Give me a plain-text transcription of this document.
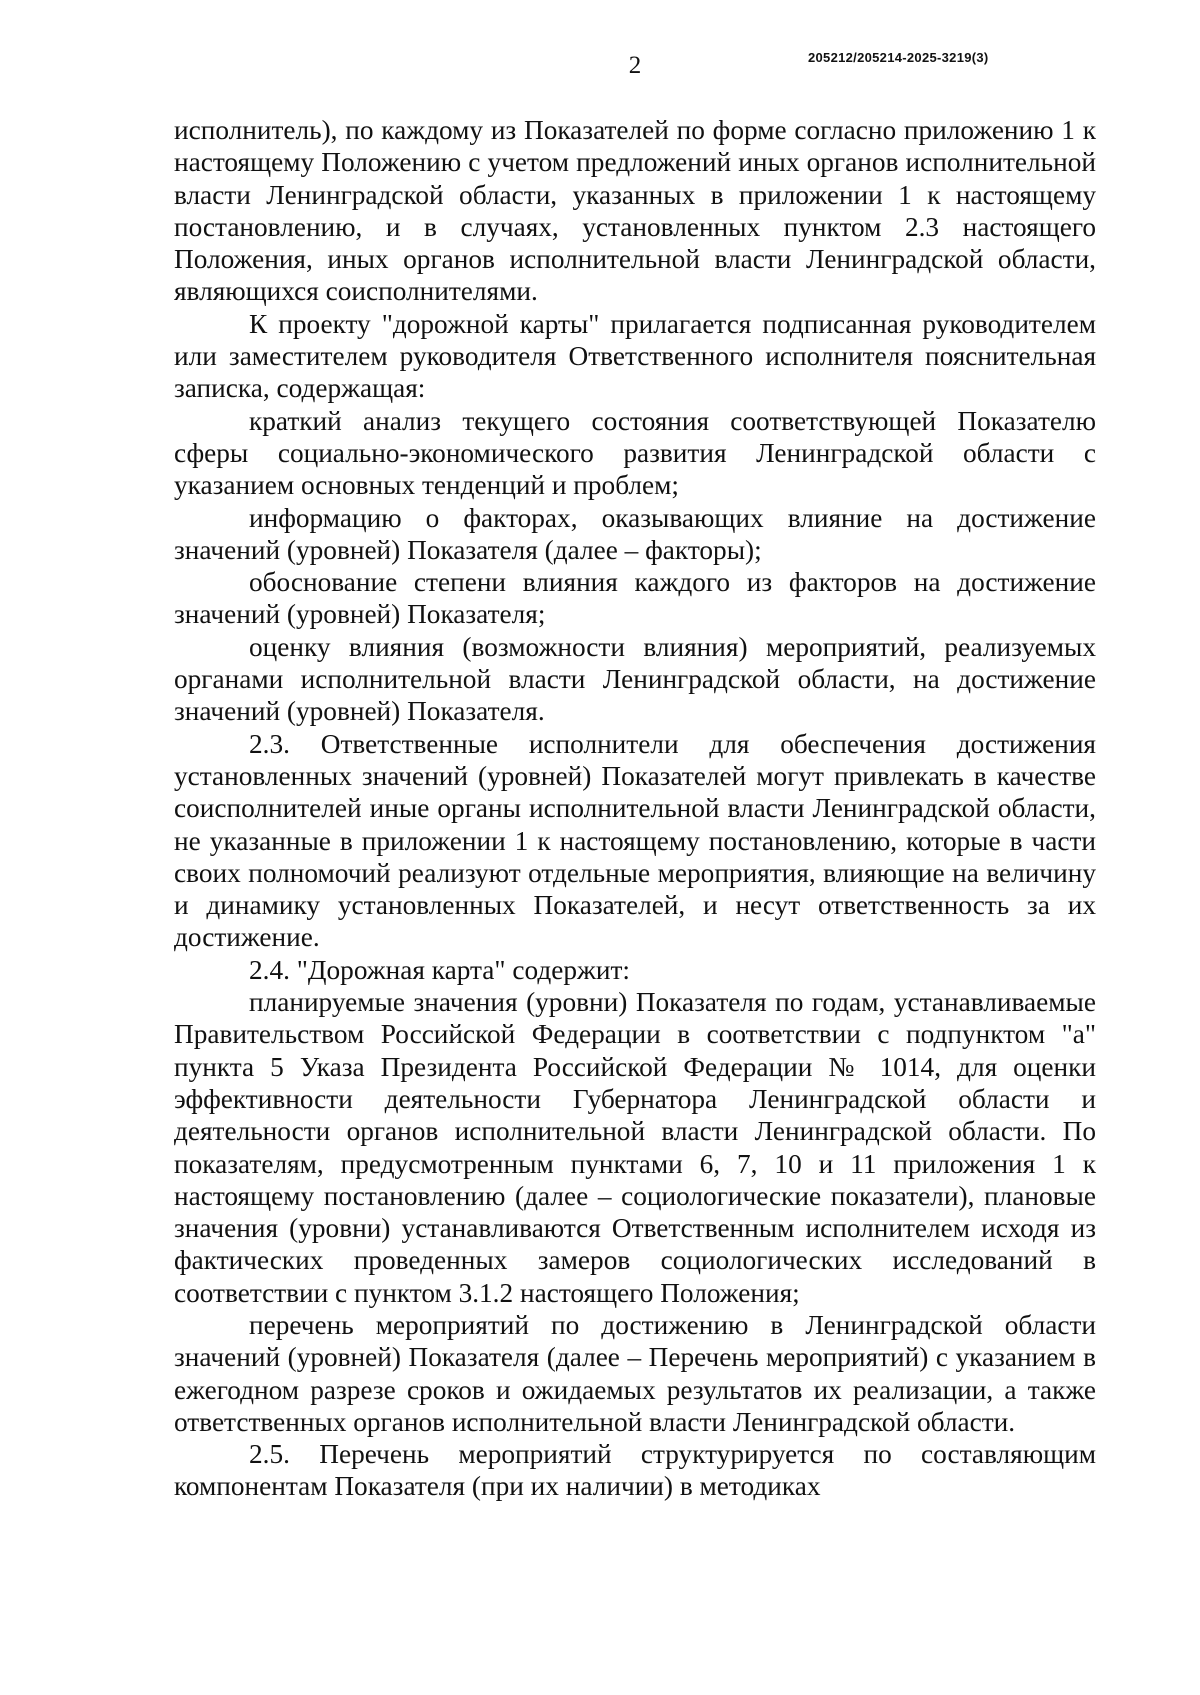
2	205212/205214-2025-3219(3)

исполнитель), по каждому из Показателей по форме согласно приложению 1 к настоящему Положению с учетом предложений иных органов исполнительной власти Ленинградской области, указанных в приложении 1 к настоящему постановлению, и в случаях, установленных пунктом 2.3 настоящего Положения, иных органов исполнительной власти Ленинградской области, являющихся соисполнителями.

К проекту "дорожной карты" прилагается подписанная руководителем или заместителем руководителя Ответственного исполнителя пояснительная записка, содержащая:

краткий анализ текущего состояния соответствующей Показателю сферы социально-экономического развития Ленинградской области с указанием основных тенденций и проблем;

информацию о факторах, оказывающих влияние на достижение значений (уровней) Показателя (далее – факторы);

обоснование степени влияния каждого из факторов на достижение значений (уровней) Показателя;

оценку влияния (возможности влияния) мероприятий, реализуемых органами исполнительной власти Ленинградской области, на достижение значений (уровней) Показателя.

2.3. Ответственные исполнители для обеспечения достижения установленных значений (уровней) Показателей могут привлекать в качестве соисполнителей иные органы исполнительной власти Ленинградской области, не указанные в приложении 1 к настоящему постановлению, которые в части своих полномочий реализуют отдельные мероприятия, влияющие на величину и динамику установленных Показателей, и несут ответственность за их достижение.

2.4. "Дорожная карта" содержит:

планируемые значения (уровни) Показателя по годам, устанавливаемые Правительством Российской Федерации в соответствии с подпунктом "а" пункта 5 Указа Президента Российской Федерации № 1014, для оценки эффективности деятельности Губернатора Ленинградской области и деятельности органов исполнительной власти Ленинградской области. По показателям, предусмотренным пунктами 6, 7, 10 и 11 приложения 1 к настоящему постановлению (далее – социологические показатели), плановые значения (уровни) устанавливаются Ответственным исполнителем исходя из фактических проведенных замеров социологических исследований в соответствии с пунктом 3.1.2 настоящего Положения;

перечень мероприятий по достижению в Ленинградской области значений (уровней) Показателя (далее – Перечень мероприятий) с указанием в ежегодном разрезе сроков и ожидаемых результатов их реализации, а также ответственных органов исполнительной власти Ленинградской области.

2.5. Перечень мероприятий структурируется по составляющим компонентам Показателя (при их наличии) в методиках
